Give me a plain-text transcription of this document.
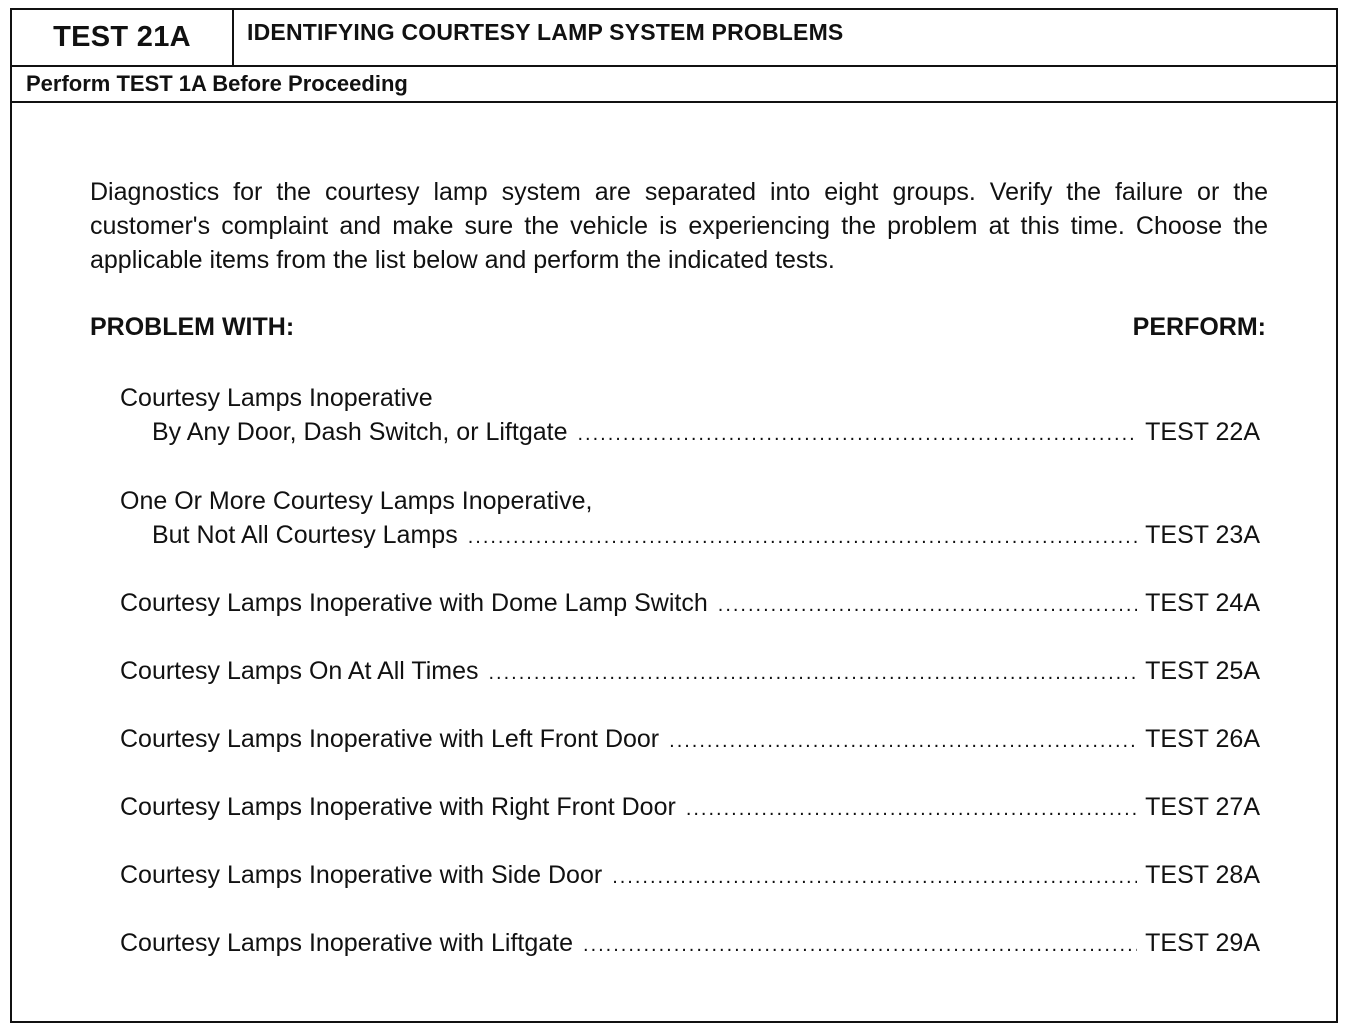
TEST 21A	IDENTIFYING COURTESY LAMP SYSTEM PROBLEMS
Perform TEST 1A Before Proceeding

Diagnostics for the courtesy lamp system are separated into eight groups. Verify the failure or the customer's complaint and make sure the vehicle is experiencing the problem at this time. Choose the applicable items from the list below and perform the indicated tests.

PROBLEM WITH:	PERFORM:
Courtesy Lamps Inoperative
By Any Door, Dash Switch, or Liftgate .....	TEST 22A
One Or More Courtesy Lamps Inoperative,
But Not All Courtesy Lamps .....	TEST 23A
Courtesy Lamps Inoperative with Dome Lamp Switch .....	TEST 24A
Courtesy Lamps On At All Times .....	TEST 25A
Courtesy Lamps Inoperative with Left Front Door .....	TEST 26A
Courtesy Lamps Inoperative with Right Front Door .....	TEST 27A
Courtesy Lamps Inoperative with Side Door .....	TEST 28A
Courtesy Lamps Inoperative with Liftgate .....	TEST 29A
